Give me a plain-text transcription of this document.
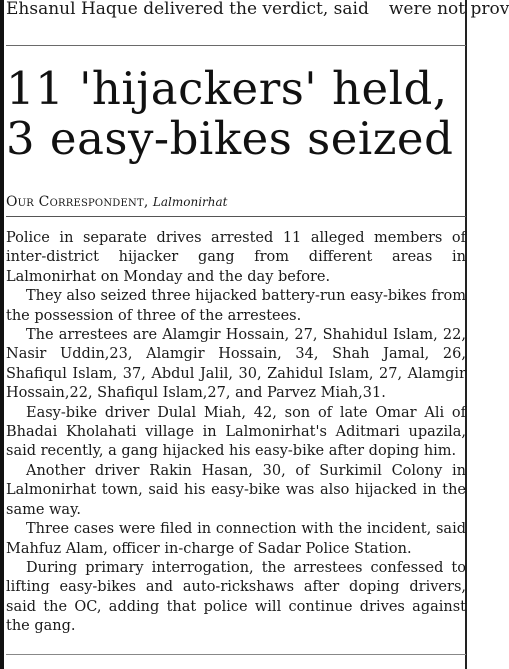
Ehsanul Haque delivered the verdict, said were not prov
11 'hijackers' held,
3 easy-bikes seized
Our Correspondent, Lalmonirhat

Police in separate drives arrested 11 alleged members of inter-district hijacker gang from different areas in Lalmonirhat on Monday and the day before.

They also seized three hijacked battery-run easy-bikes from the possession of three of the arrestees.

The arrestees are Alamgir Hossain, 27, Shahidul Islam, 22, Nasir Uddin,23, Alamgir Hossain, 34, Shah Jamal, 26, Shafiqul Islam, 37, Abdul Jalil, 30, Zahidul Islam, 27, Alamgir Hossain,22, Shafiqul Islam,27, and Parvez Miah,31.

Easy-bike driver Dulal Miah, 42, son of late Omar Ali of Bhadai Kholahati village in Lalmonirhat's Aditmari upazila, said recently, a gang hijacked his easy-bike after doping him.

Another driver Rakin Hasan, 30, of Surkimil Colony in Lalmonirhat town, said his easy-bike was also hijacked in the same way.

Three cases were filed in connection with the incident, said Mahfuz Alam, officer in-charge of Sadar Police Station.

During primary interrogation, the arrestees confessed to lifting easy-bikes and auto-rickshaws after doping drivers, said the OC, adding that police will continue drives against the gang.
